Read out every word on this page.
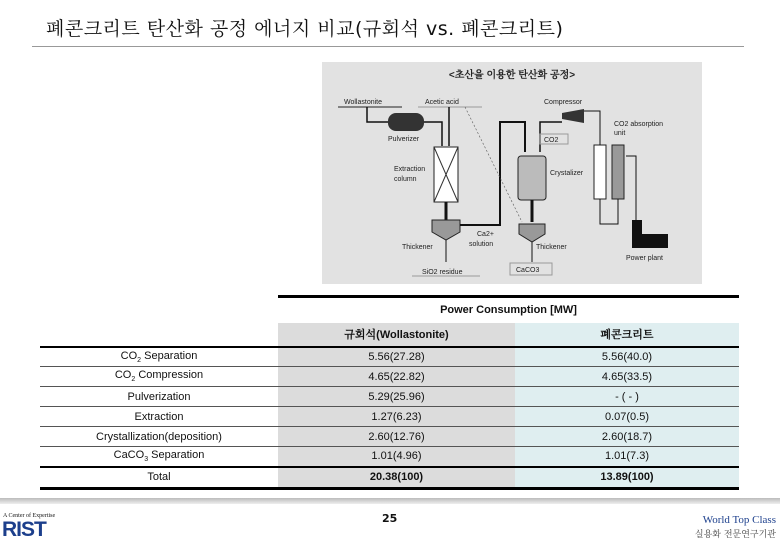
폐콘크리트 탄산화 공정 에너지 비교(규회석 vs. 폐콘크리트)
<초산을 이용한 탄산화 공정>
Wollastonite	Acetic acid	Compressor
CO2 absorption
unit
Pulverizer
Extraction
column
Thickener
SiO2 residue
Ca2+
solution
CO2
Crystalizer
Thickener
CaCO3
Power plant
	Power Consumption [MW]	
	규회석(Wollastonite)	폐콘크리트
$CO_2$ Separation	5.56(27.28)	5.56(40.0)
$CO_2$ Compression	4.65(22.82)	4.65(33.5)
Pulverization	5.29(25.96)	- ( - )
Extraction	1.27(6.23)	0.07(0.5)
Crystallization(deposition)	2.60(12.76)	2.60(18.7)
CaCO$_3$ Separation	1.01(4.96)	1.01(7.3)
Total	20.38(100)	13.89(100)
A Center of Expertise
RIST	25	World Top Class
실용화 전문연구기관
